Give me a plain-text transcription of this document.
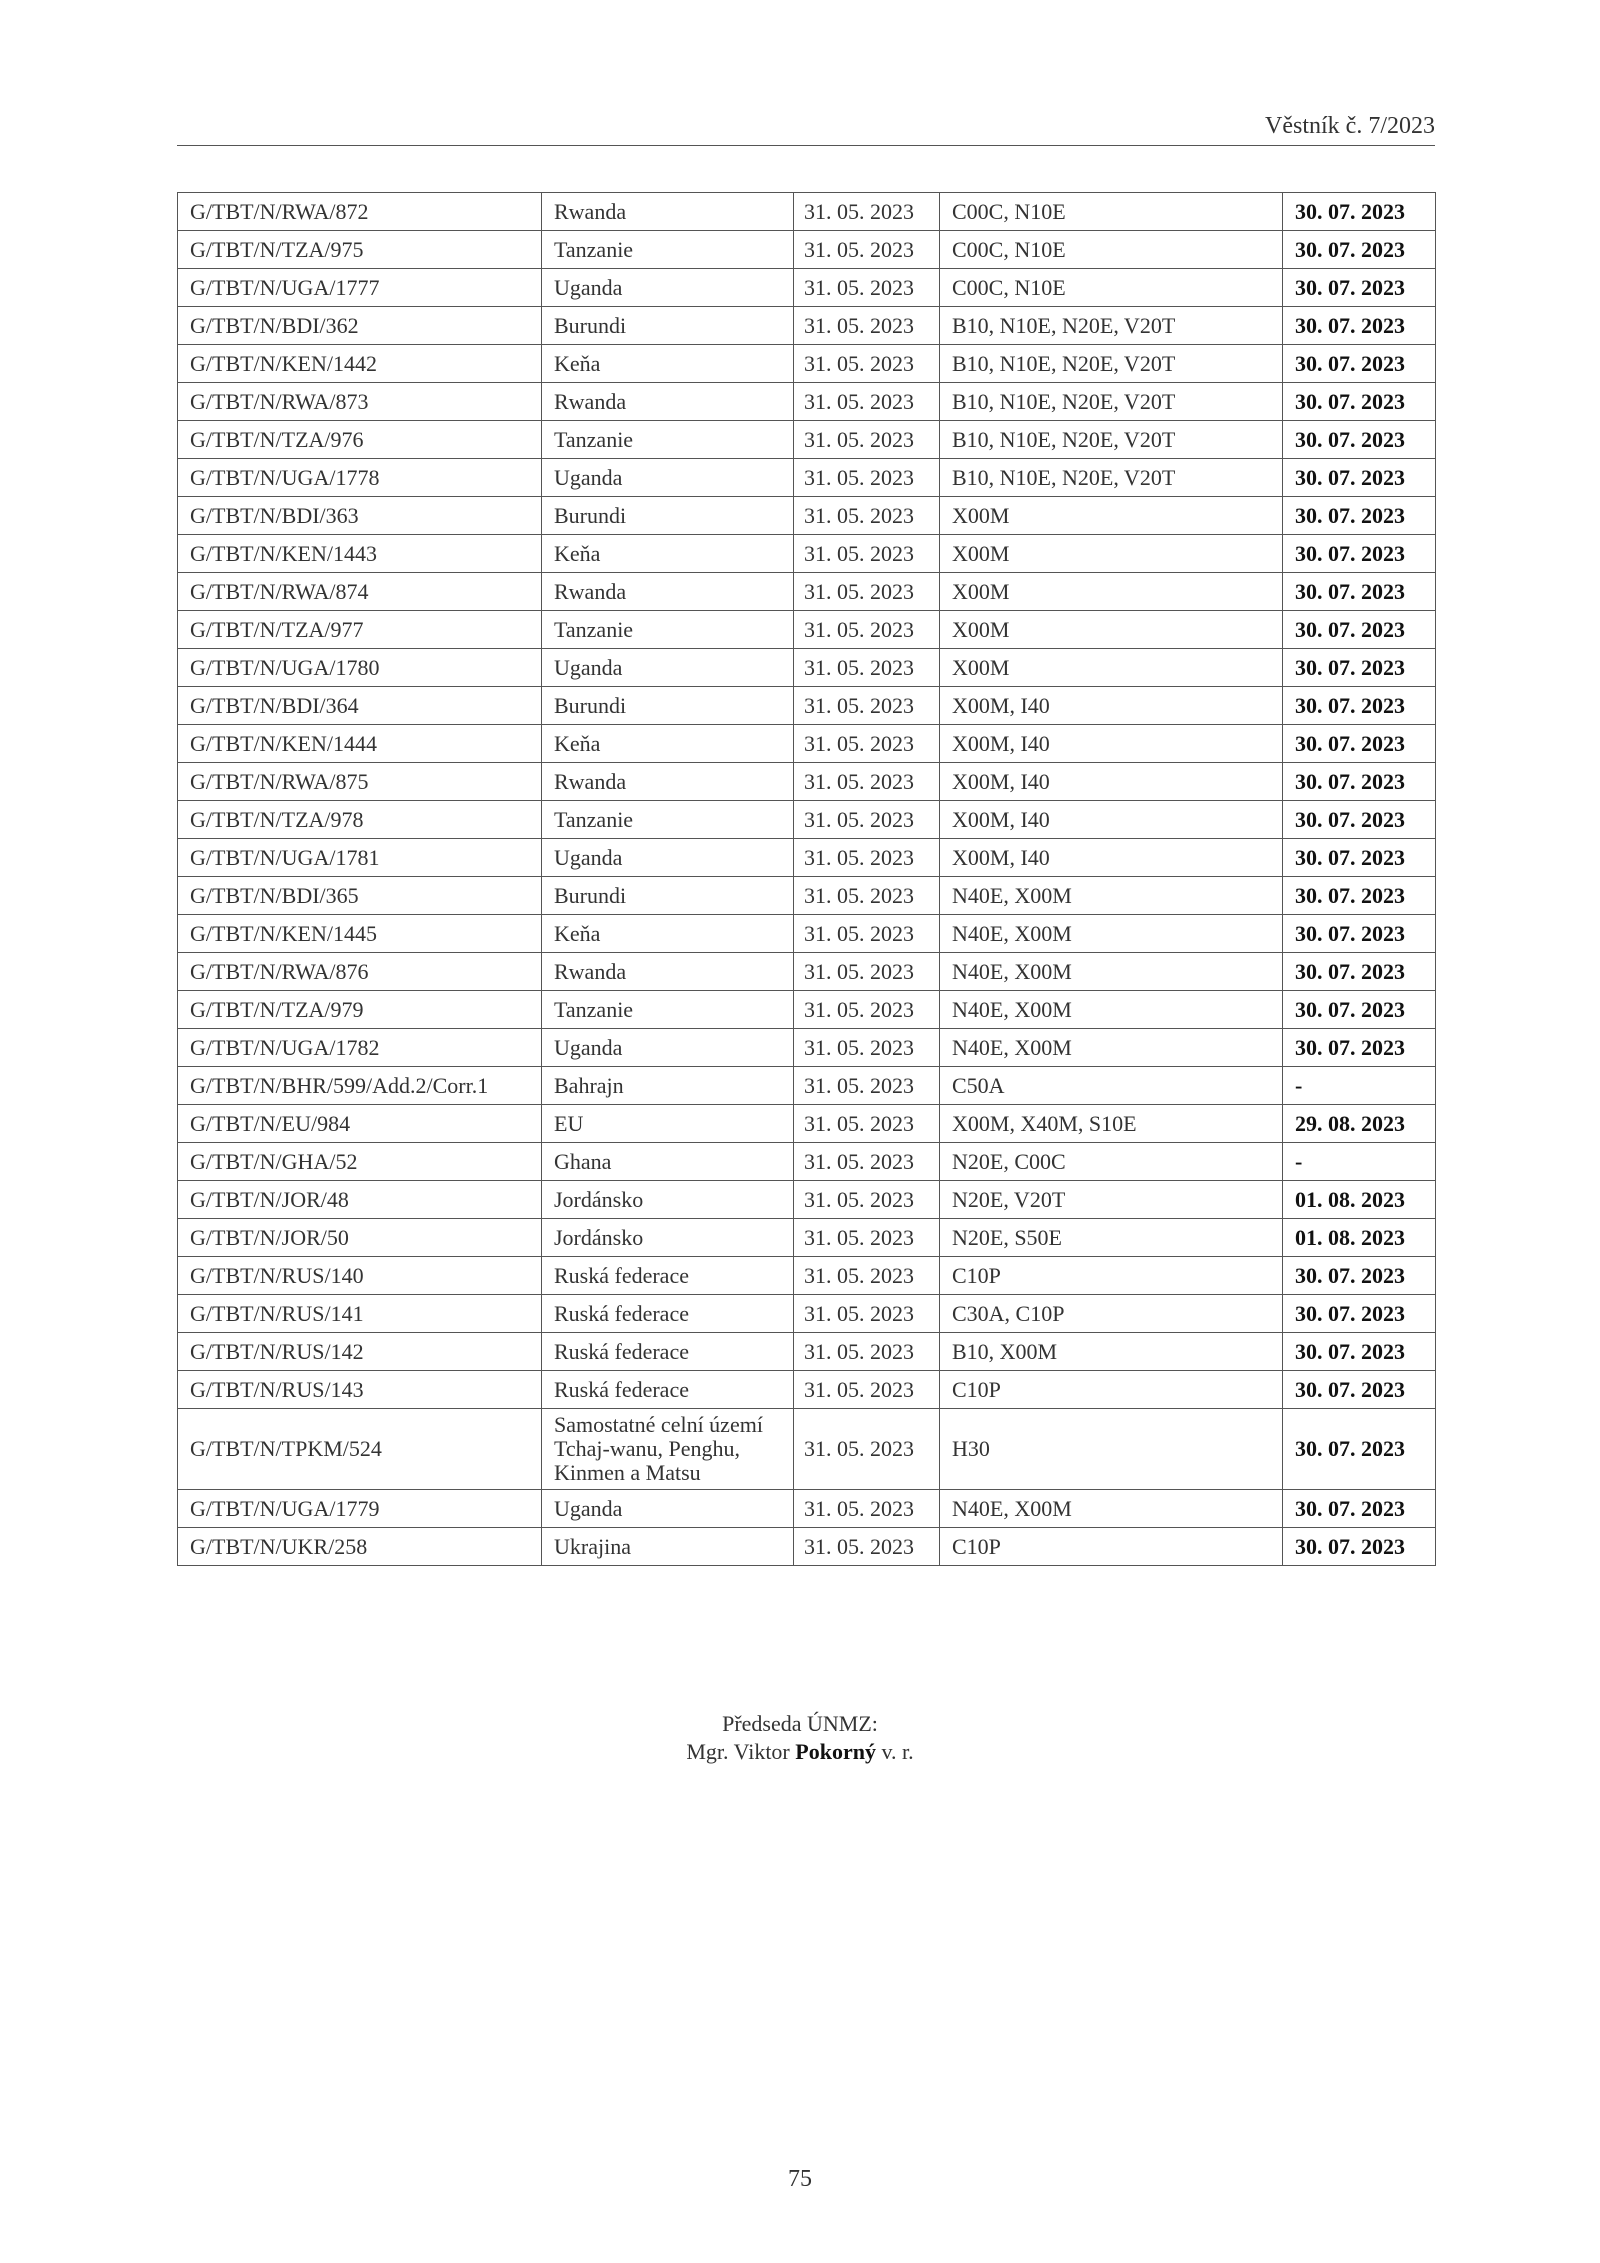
Věstník č. 7/2023
G/TBT/N/RWA/872	Rwanda	31. 05. 2023	C00C, N10E	30. 07. 2023
G/TBT/N/TZA/975	Tanzanie	31. 05. 2023	C00C, N10E	30. 07. 2023
G/TBT/N/UGA/1777	Uganda	31. 05. 2023	C00C, N10E	30. 07. 2023
G/TBT/N/BDI/362	Burundi	31. 05. 2023	B10, N10E, N20E, V20T	30. 07. 2023
G/TBT/N/KEN/1442	Keňa	31. 05. 2023	B10, N10E, N20E, V20T	30. 07. 2023
G/TBT/N/RWA/873	Rwanda	31. 05. 2023	B10, N10E, N20E, V20T	30. 07. 2023
G/TBT/N/TZA/976	Tanzanie	31. 05. 2023	B10, N10E, N20E, V20T	30. 07. 2023
G/TBT/N/UGA/1778	Uganda	31. 05. 2023	B10, N10E, N20E, V20T	30. 07. 2023
G/TBT/N/BDI/363	Burundi	31. 05. 2023	X00M	30. 07. 2023
G/TBT/N/KEN/1443	Keňa	31. 05. 2023	X00M	30. 07. 2023
G/TBT/N/RWA/874	Rwanda	31. 05. 2023	X00M	30. 07. 2023
G/TBT/N/TZA/977	Tanzanie	31. 05. 2023	X00M	30. 07. 2023
G/TBT/N/UGA/1780	Uganda	31. 05. 2023	X00M	30. 07. 2023
G/TBT/N/BDI/364	Burundi	31. 05. 2023	X00M, I40	30. 07. 2023
G/TBT/N/KEN/1444	Keňa	31. 05. 2023	X00M, I40	30. 07. 2023
G/TBT/N/RWA/875	Rwanda	31. 05. 2023	X00M, I40	30. 07. 2023
G/TBT/N/TZA/978	Tanzanie	31. 05. 2023	X00M, I40	30. 07. 2023
G/TBT/N/UGA/1781	Uganda	31. 05. 2023	X00M, I40	30. 07. 2023
G/TBT/N/BDI/365	Burundi	31. 05. 2023	N40E, X00M	30. 07. 2023
G/TBT/N/KEN/1445	Keňa	31. 05. 2023	N40E, X00M	30. 07. 2023
G/TBT/N/RWA/876	Rwanda	31. 05. 2023	N40E, X00M	30. 07. 2023
G/TBT/N/TZA/979	Tanzanie	31. 05. 2023	N40E, X00M	30. 07. 2023
G/TBT/N/UGA/1782	Uganda	31. 05. 2023	N40E, X00M	30. 07. 2023
G/TBT/N/BHR/599/Add.2/Corr.1	Bahrajn	31. 05. 2023	C50A	-
G/TBT/N/EU/984	EU	31. 05. 2023	X00M, X40M, S10E	29. 08. 2023
G/TBT/N/GHA/52	Ghana	31. 05. 2023	N20E, C00C	-
G/TBT/N/JOR/48	Jordánsko	31. 05. 2023	N20E, V20T	01. 08. 2023
G/TBT/N/JOR/50	Jordánsko	31. 05. 2023	N20E, S50E	01. 08. 2023
G/TBT/N/RUS/140	Ruská federace	31. 05. 2023	C10P	30. 07. 2023
G/TBT/N/RUS/141	Ruská federace	31. 05. 2023	C30A, C10P	30. 07. 2023
G/TBT/N/RUS/142	Ruská federace	31. 05. 2023	B10, X00M	30. 07. 2023
G/TBT/N/RUS/143	Ruská federace	31. 05. 2023	C10P	30. 07. 2023
G/TBT/N/TPKM/524	Samostatné celní území Tchaj-wanu, Penghu, Kinmen a Matsu	31. 05. 2023	H30	30. 07. 2023
G/TBT/N/UGA/1779	Uganda	31. 05. 2023	N40E, X00M	30. 07. 2023
G/TBT/N/UKR/258	Ukrajina	31. 05. 2023	C10P	30. 07. 2023
Předseda ÚNMZ:
Mgr. Viktor Pokorný v. r.
75
